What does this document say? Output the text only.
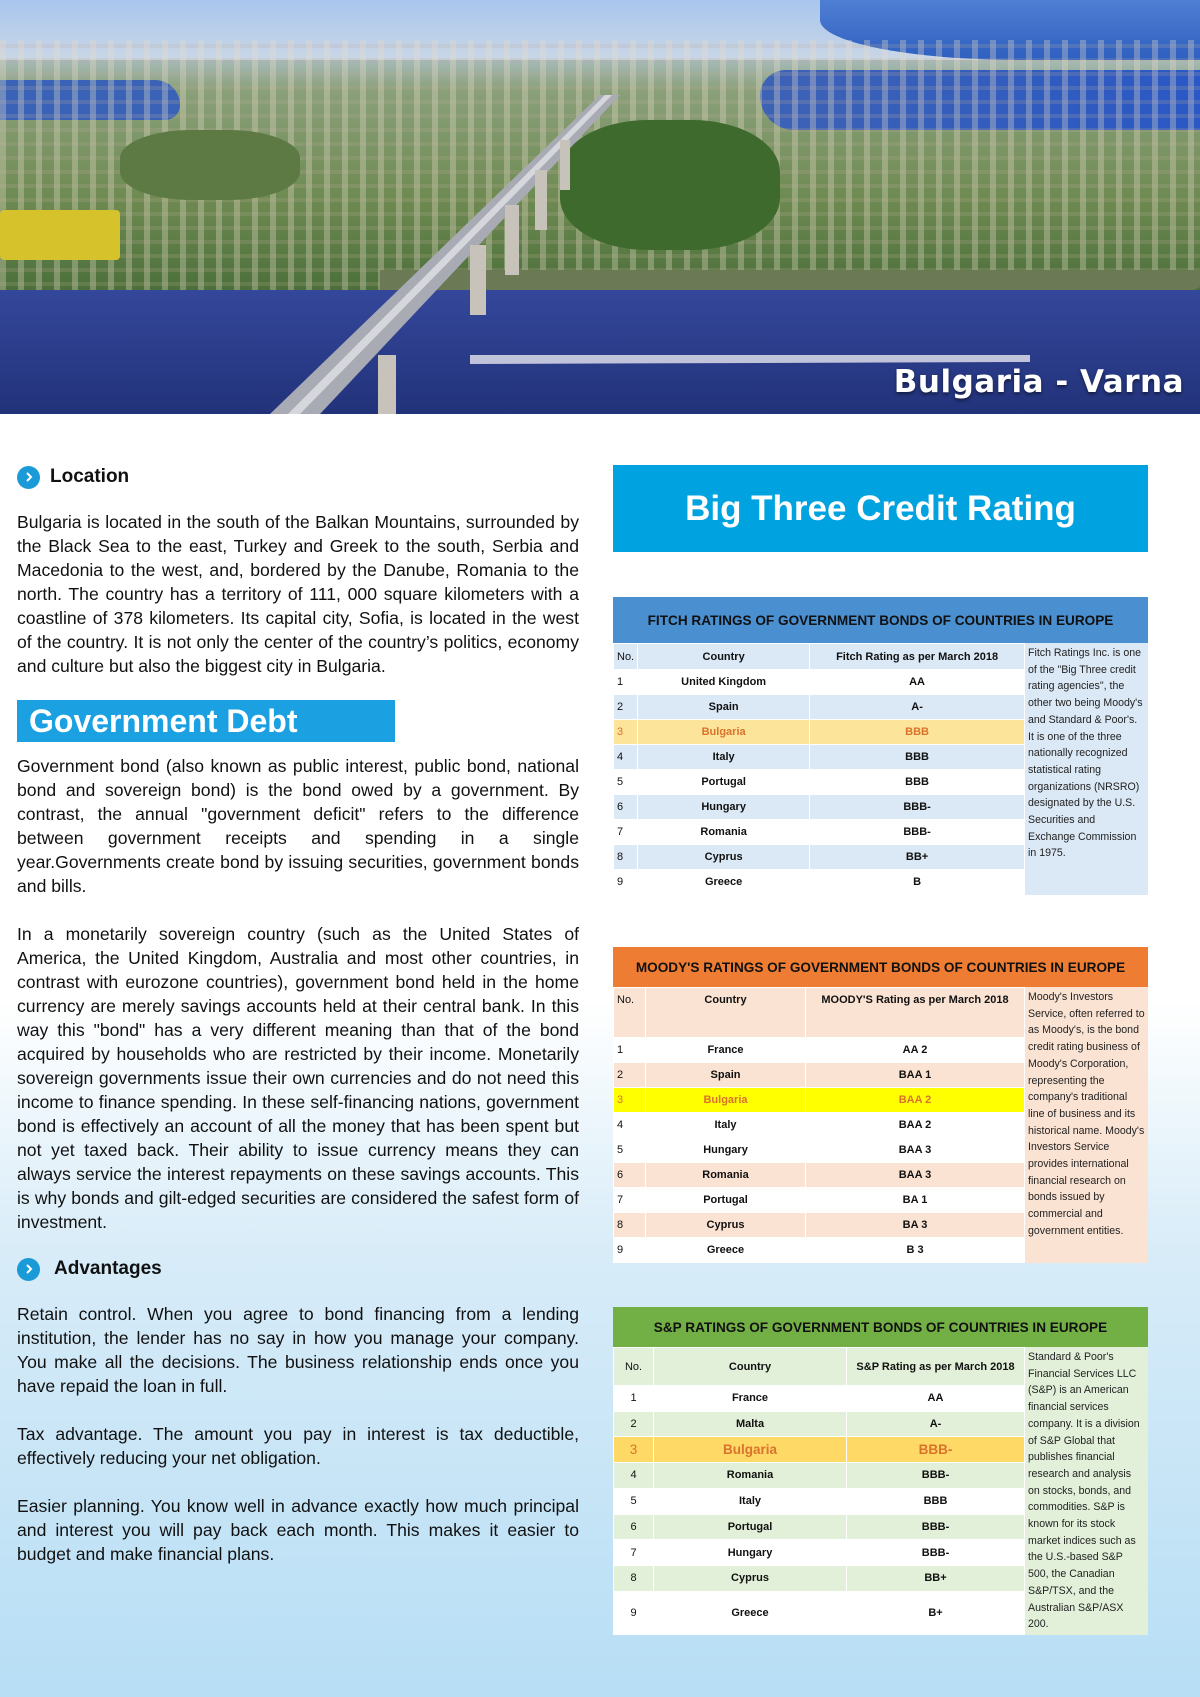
Bulgaria - Varna
Location

Bulgaria is located in the south of the Balkan Mountains, surrounded by the Black Sea to the east, Turkey and Greek to the south, Serbia and Macedonia to the west, and, bordered by the Danube, Romania to the north. The country has a territory of 111, 000 square kilometers with a coastline of 378 kilometers. Its capital city, Sofia, is located in the west of the country. It is not only the center of the country’s politics, economy and culture but also the biggest city in Bulgaria.

Government Debt

Government bond (also known as public interest, public bond, national bond and sovereign bond) is the bond owed by a government. By contrast, the annual "government deficit" refers to the difference between government receipts and spending in a single year.Governments create bond by issuing securities, government bonds and bills.

In a monetarily sovereign country (such as the United States of America, the United Kingdom, Australia and most other countries, in contrast with eurozone countries), government bond held in the home currency are merely savings accounts held at their central bank. In this way this "bond" has a very different meaning than that of the bond acquired by households who are restricted by their income. Monetarily sovereign governments issue their own currencies and do not need this income to finance spending. In these self-financing nations, government bond is effectively an account of all the money that has been spent but not yet taxed back. Their ability to issue currency means they can always service the interest repayments on these savings accounts. This is why bonds and gilt-edged securities are considered the safest form of investment.

Advantages

Retain control. When you agree to bond financing from a lending institution, the lender has no say in how you manage your company. You make all the decisions. The business relationship ends once you have repaid the loan in full.

Tax advantage. The amount you pay in interest is tax deductible, effectively reducing your net obligation.

Easier planning. You know well in advance exactly how much principal and interest you will pay back each month. This makes it easier to budget and make financial plans.

Big Three Credit Rating
FITCH RATINGS OF GOVERNMENT BONDS OF COUNTRIES IN EUROPE
No.	Country	Fitch Rating as per March 2018
1	United Kingdom	AA
2	Spain	A-
3	Bulgaria	BBB
4	Italy	BBB
5	Portugal	BBB
6	Hungary	BBB-
7	Romania	BBB-
8	Cyprus	BB+
9	Greece	B
Fitch Ratings Inc. is one of the "Big Three credit rating agencies", the other two being Moody's and Standard & Poor's. It is one of the three nationally recognized statistical rating organizations (NRSRO) designated by the U.S. Securities and Exchange Commission in 1975.
MOODY'S RATINGS OF GOVERNMENT BONDS OF COUNTRIES IN EUROPE
No.	Country	MOODY'S Rating as per March 2018
1	France	AA 2
2	Spain	BAA 1
3	Bulgaria	BAA 2
4	Italy	BAA 2
5	Hungary	BAA 3
6	Romania	BAA 3
7	Portugal	BA 1
8	Cyprus	BA 3
9	Greece	B 3
Moody's Investors Service, often referred to as Moody's, is the bond credit rating business of Moody's Corporation, representing the company's traditional line of business and its historical name. Moody's Investors Service provides international financial research on bonds issued by commercial and government entities.
S&P RATINGS OF GOVERNMENT BONDS OF COUNTRIES IN EUROPE
No.	Country	S&P Rating as per March 2018
1	France	AA
2	Malta	A-
3	Bulgaria	BBB-
4	Romania	BBB-
5	Italy	BBB
6	Portugal	BBB-
7	Hungary	BBB-
8	Cyprus	BB+
9	Greece	B+
Standard & Poor's Financial Services LLC (S&P) is an American financial services company. It is a division of S&P Global that publishes financial research and analysis on stocks, bonds, and commodities. S&P is known for its stock market indices such as the U.S.-based S&P 500, the Canadian S&P/TSX, and the Australian S&P/ASX 200.
